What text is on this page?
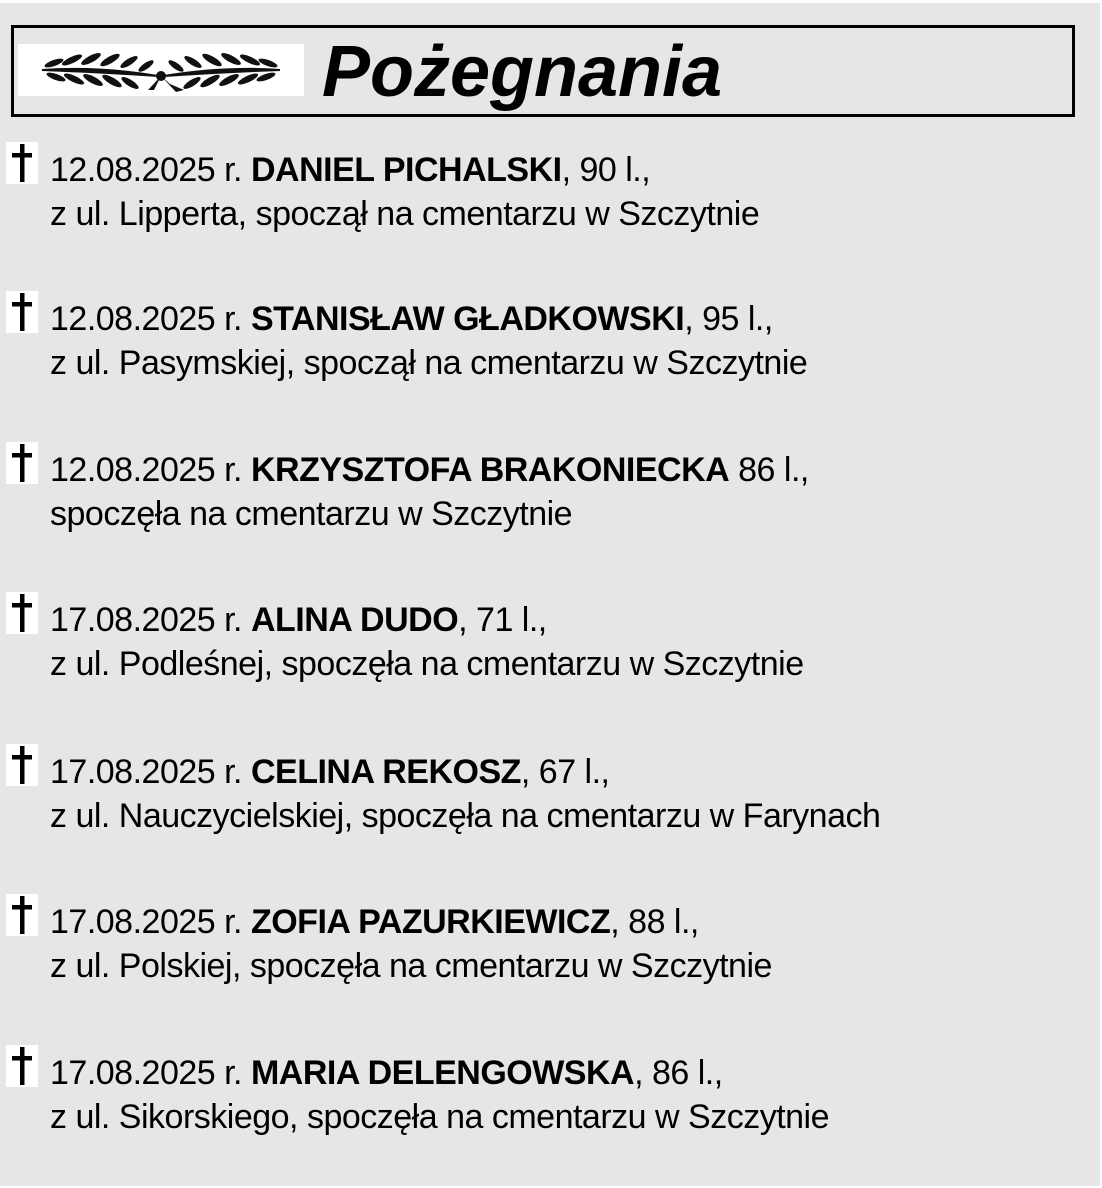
Pożegnania
12.08.2025 r. DANIEL PICHALSKI, 90 l.,
z ul. Lipperta, spoczął na cmentarzu w Szczytnie
12.08.2025 r. STANISŁAW GŁADKOWSKI, 95 l.,
z ul. Pasymskiej, spoczął na cmentarzu w Szczytnie
12.08.2025 r. KRZYSZTOFA BRAKONIECKA 86 l.,
spoczęła na cmentarzu w Szczytnie
17.08.2025 r. ALINA DUDO, 71 l.,
z ul. Podleśnej, spoczęła na cmentarzu w Szczytnie
17.08.2025 r. CELINA REKOSZ, 67 l.,
z ul. Nauczycielskiej, spoczęła na cmentarzu w Farynach
17.08.2025 r. ZOFIA PAZURKIEWICZ, 88 l.,
z ul. Polskiej, spoczęła na cmentarzu w Szczytnie
17.08.2025 r. MARIA DELENGOWSKA, 86 l.,
z ul. Sikorskiego, spoczęła na cmentarzu w Szczytnie
